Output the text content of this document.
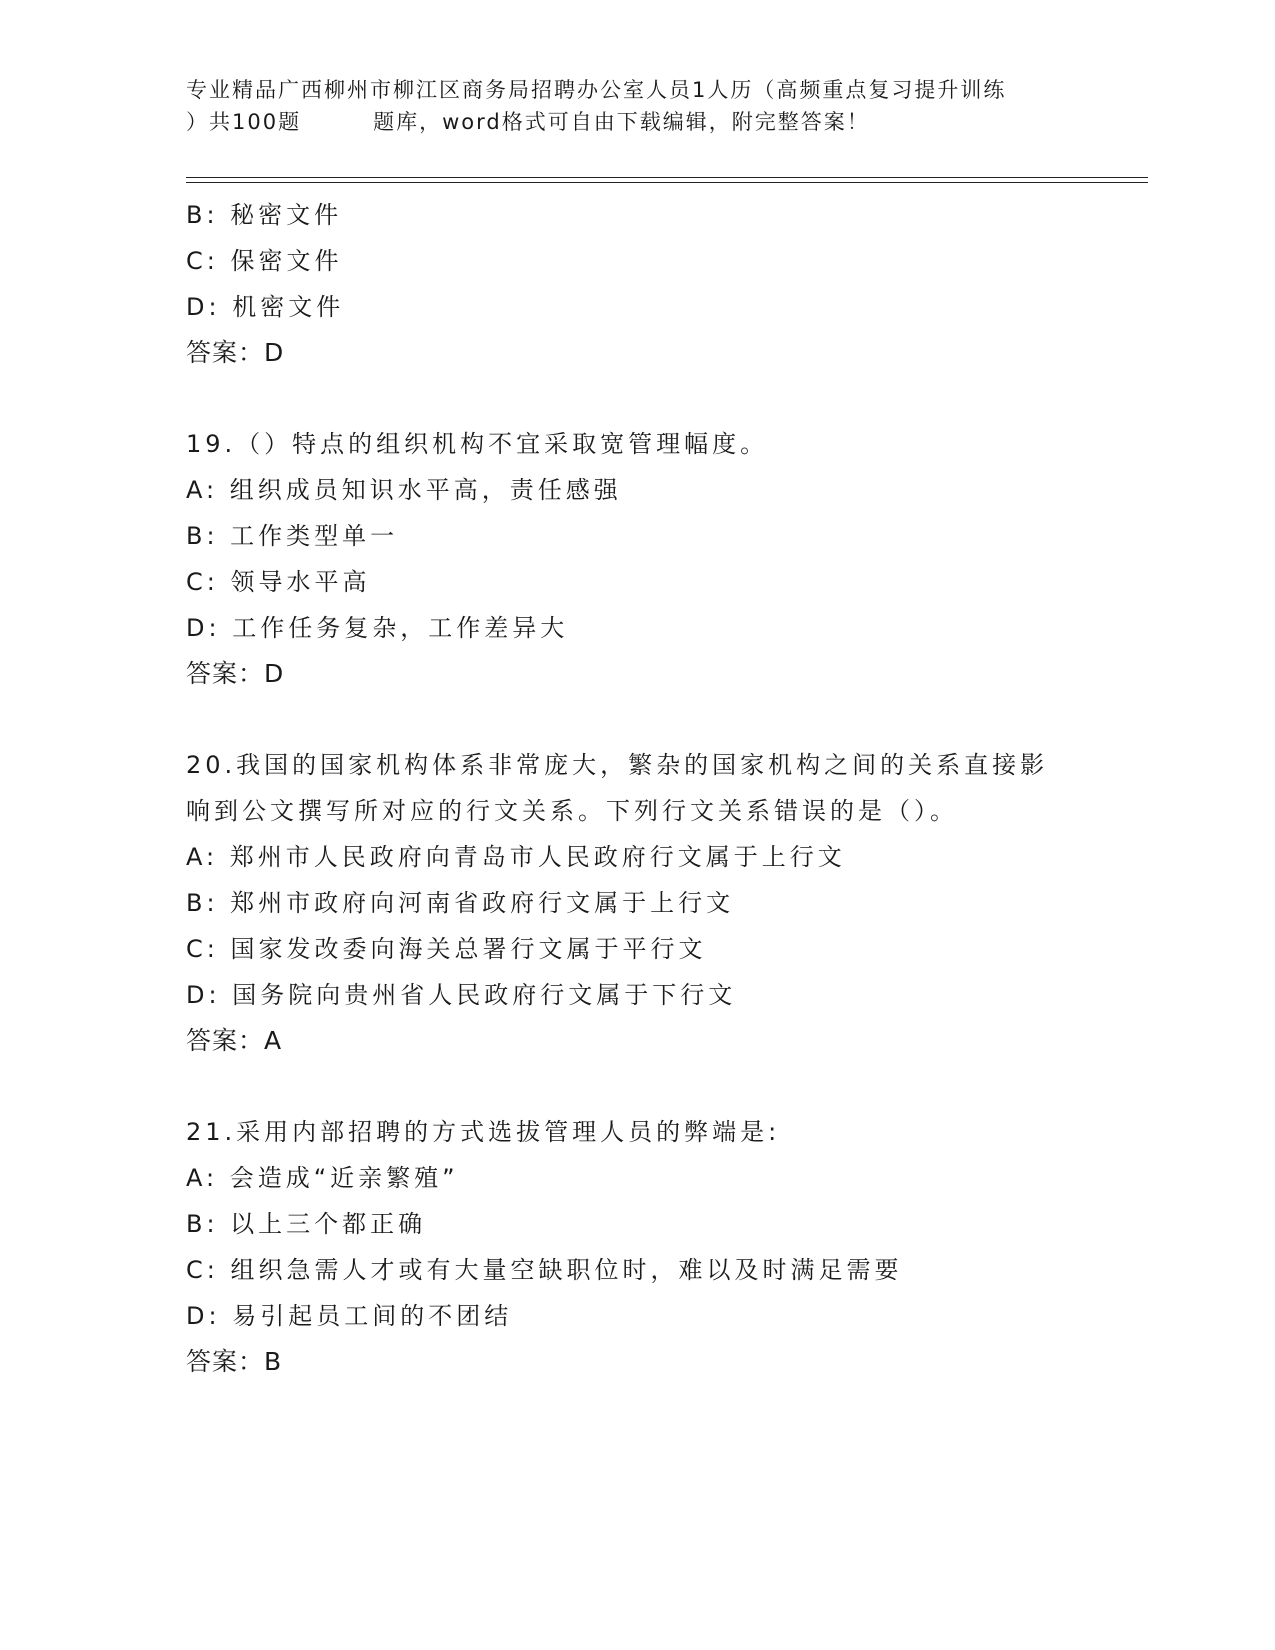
专业精品广西柳州市柳江区商务局招聘办公室人员1人历（高频重点复习提升训练
）共100题	题库，word格式可自由下载编辑，附完整答案！
B: 秘密文件
C: 保密文件
D: 机密文件
答案：D
19.（）特点的组织机构不宜采取宽管理幅度。
A: 组织成员知识水平高，责任感强
B: 工作类型单一
C: 领导水平高
D: 工作任务复杂，工作差异大
答案：D
20.我国的国家机构体系非常庞大，繁杂的国家机构之间的关系直接影
响到公文撰写所对应的行文关系。下列行文关系错误的是（）。
A: 郑州市人民政府向青岛市人民政府行文属于上行文
B: 郑州市政府向河南省政府行文属于上行文
C: 国家发改委向海关总署行文属于平行文
D: 国务院向贵州省人民政府行文属于下行文
答案：A
21.采用内部招聘的方式选拔管理人员的弊端是:
A: 会造成“近亲繁殖”
B: 以上三个都正确
C: 组织急需人才或有大量空缺职位时，难以及时满足需要
D: 易引起员工间的不团结
答案：B
